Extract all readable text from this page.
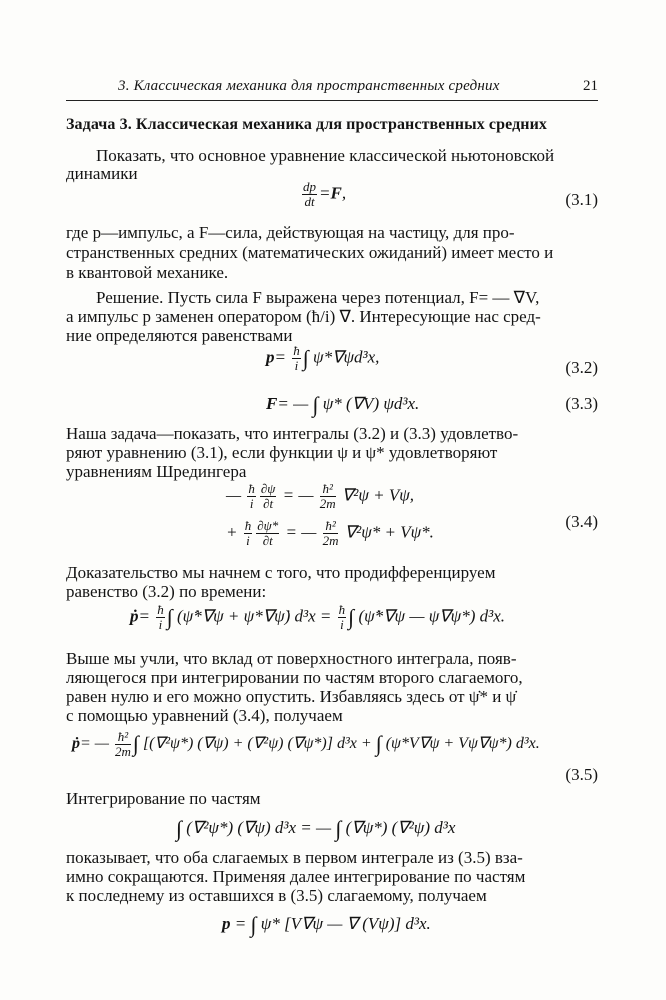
3. Классическая механика для пространственных средних	21
Задача 3. Классическая механика для пространственных средних
Показать, что основное уравнение классической ньютоновской
динамики
$\frac{dp}{dt} =F$,	(3.1)
где p—импульс, а F—сила, действующая на частицу, для про-
странственных средних (математических ожиданий) имеет место и
в квантовой механике.
Решение. Пусть сила F выражена через потенциал, F= — ∇V,
а импульс p заменен оператором (ħ/i) ∇. Интересующие нас сред-
ние определяются равенствами
$p= \frac{ħ}{i}$ ∫ ψ*∇ψd³x,
(3.2)
F= — ∫ ψ* (∇V) ψd³x.	(3.3)
Наша задача—показать, что интегралы (3.2) и (3.3) удовлетво-
ряют уравнению (3.1), если функции ψ и ψ* удовлетворяют
уравнениям Шредингера
— $\frac{ħ}{i} \frac{\partial\psi}{\partial t}$ = — $\frac{\text{ħ²}}{2m} \nabla^2\psi + V\psi$,
+ $\frac{ħ}{i} \frac{\partial\psi*}{\partial t}$ = — $\frac{\text{ħ²}}{2m} \nabla^2\psi* + V\psi*$.
(3.4)
Доказательство мы начнем с того, что продифференцируем
равенство (3.2) по времени:
ṗ= $\frac{ħ}{i}$ ∫ (ψ̇*∇ψ + ψ*∇ψ̇) $d^3x = \frac{ħ}{i}$ ∫ (ψ̇*∇ψ — ψ̇∇ψ*) d³x.
Выше мы учли, что вклад от поверхностного интеграла, появ-
ляющегося при интегрировании по частям второго слагаемого,
равен нулю и его можно опустить. Избавляясь здесь от ψ̇* и ψ̇
с помощью уравнений (3.4), получаем
ṗ= — $\frac{\text{ħ²}}{2m}$ ∫ [(∇²ψ*) (∇ψ) + (∇²ψ) (∇ψ*)] d³x + ∫ (ψ*V∇ψ + Vψ∇ψ*) d³x.
(3.5)
Интегрирование по частям
∫ (∇²ψ*) (∇ψ) d³x = — ∫ (∇ψ*) (∇²ψ) d³x
показывает, что оба слагаемых в первом интеграле из (3.5) вза-
имно сокращаются. Применяя далее интегрирование по частям
к последнему из оставшихся в (3.5) слагаемому, получаем
p = ∫ ψ* [V∇ψ — ∇ (Vψ)] d³x.
